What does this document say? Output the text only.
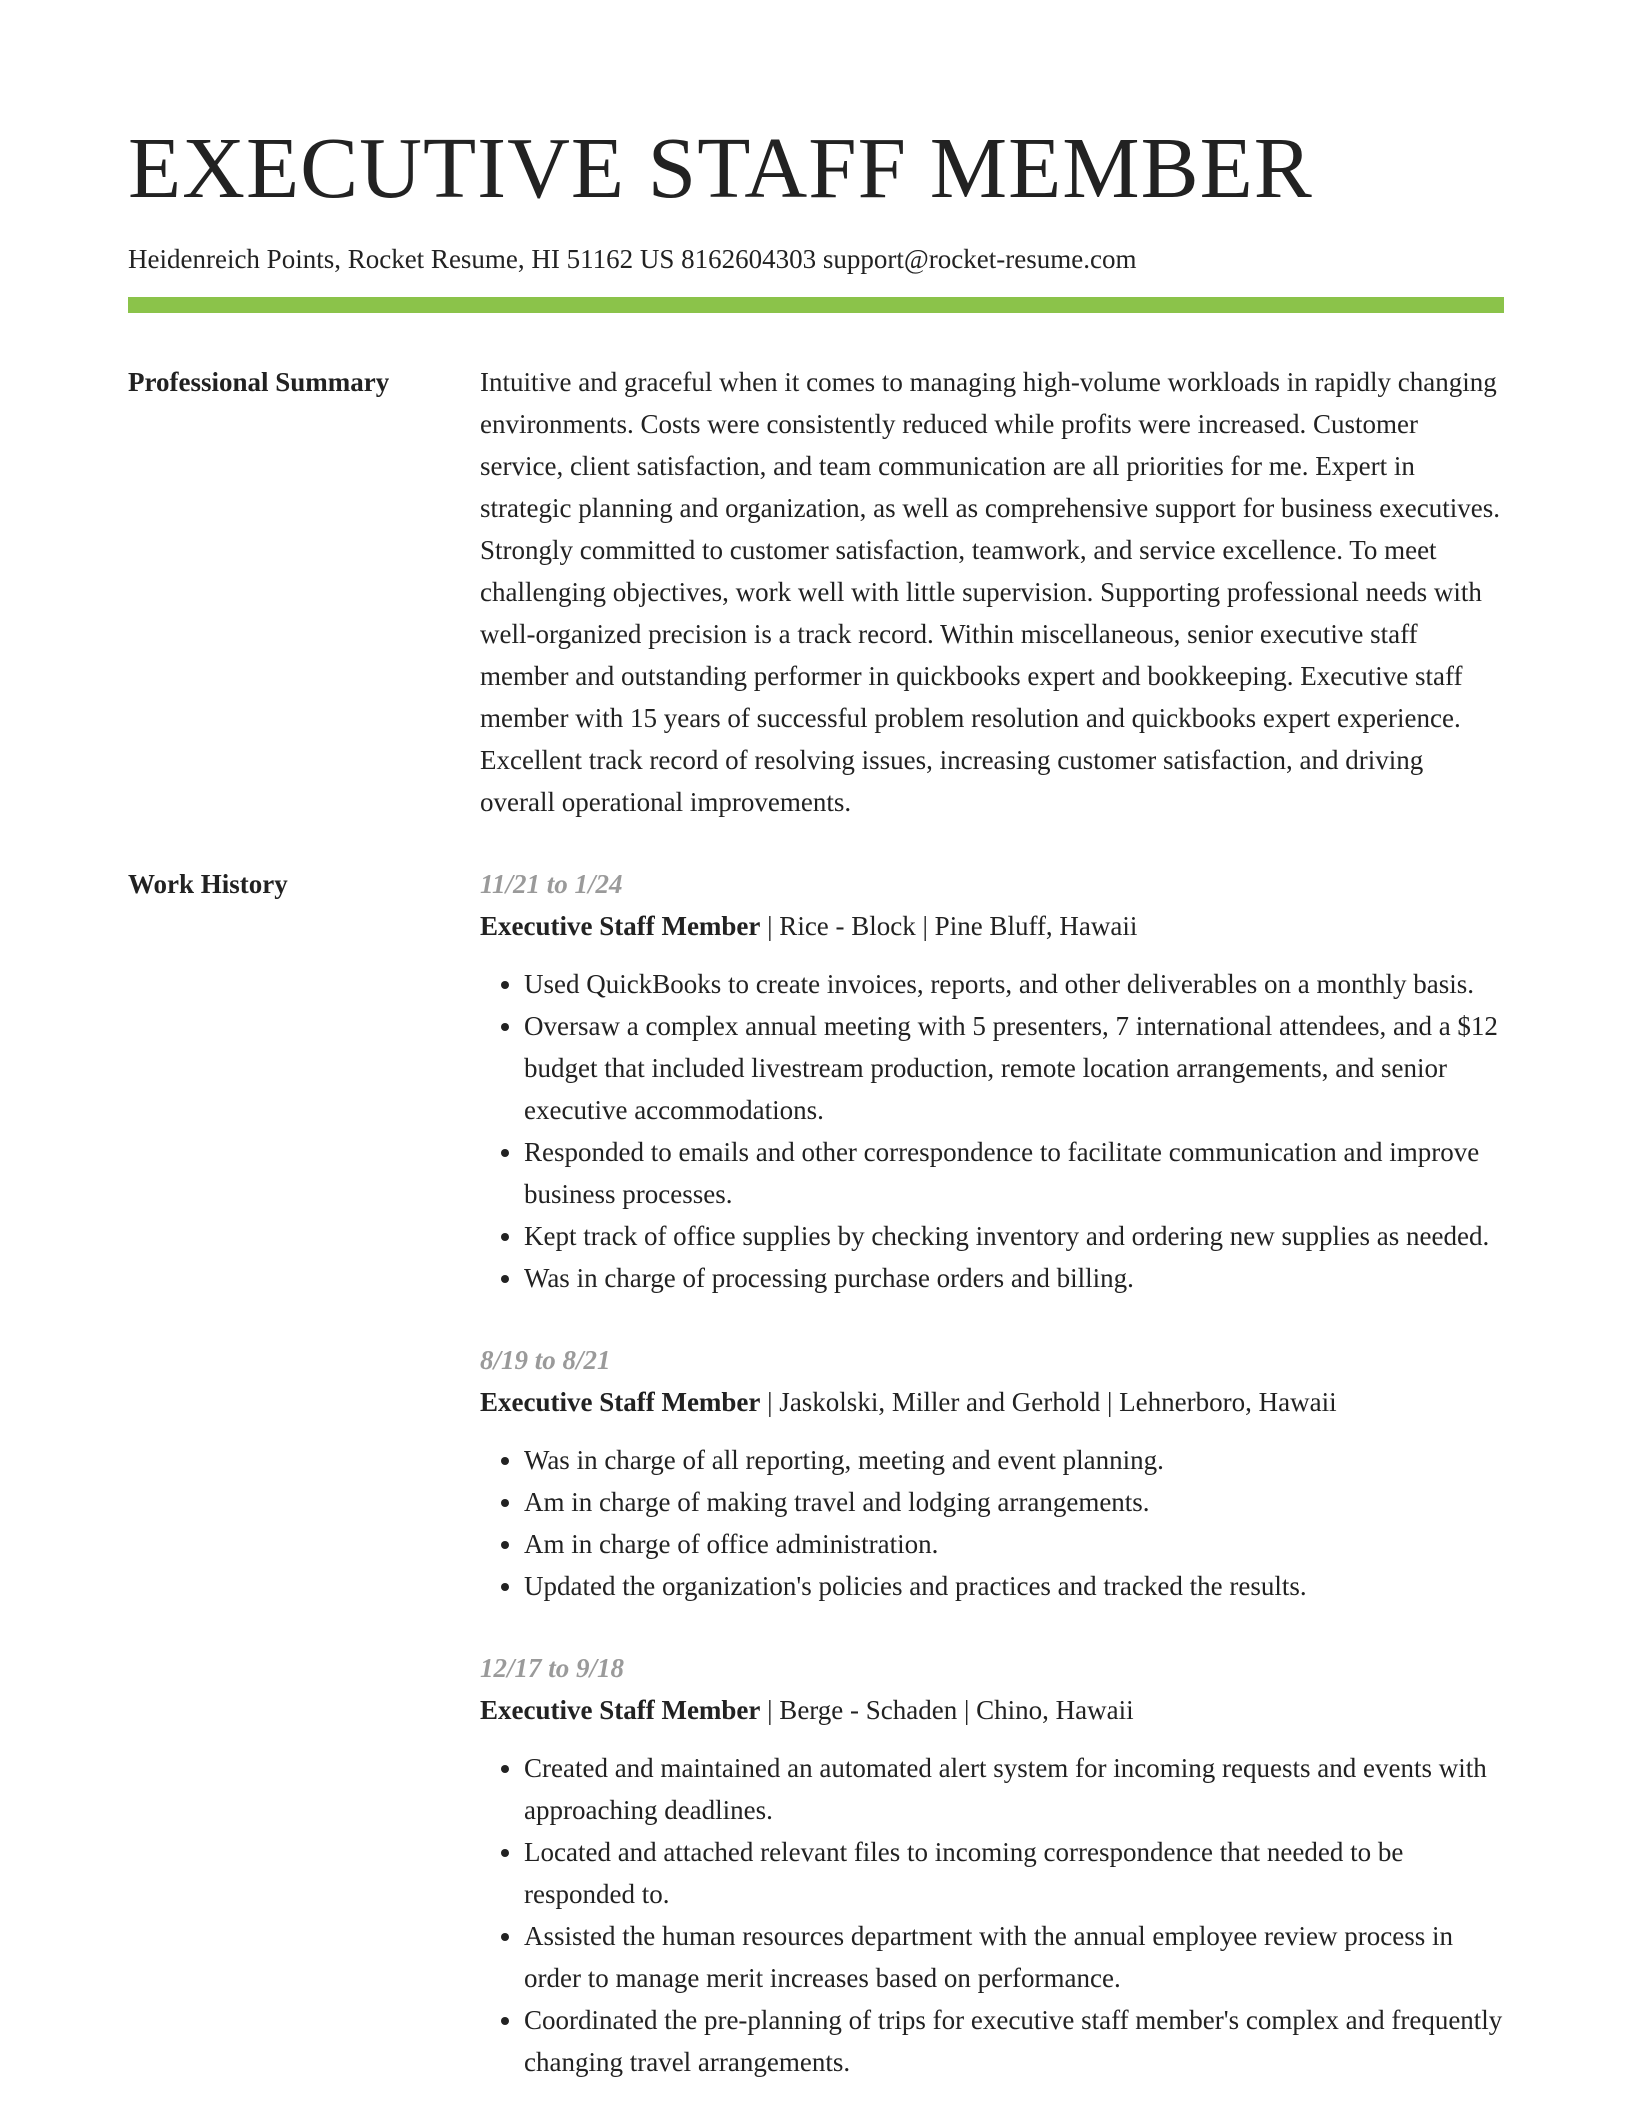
EXECUTIVE STAFF MEMBER
Heidenreich Points, Rocket Resume, HI 51162 US 8162604303 support@rocket-resume.com
Professional Summary	Intuitive and graceful when it comes to managing high-volume workloads in rapidly changing environments. Costs were consistently reduced while profits were increased. Customer service, client satisfaction, and team communication are all priorities for me. Expert in strategic planning and organization, as well as comprehensive support for business executives. Strongly committed to customer satisfaction, teamwork, and service excellence. To meet challenging objectives, work well with little supervision. Supporting professional needs with well-organized precision is a track record. Within miscellaneous, senior executive staff member and outstanding performer in quickbooks expert and bookkeeping. Executive staff member with 15 years of successful problem resolution and quickbooks expert experience. Excellent track record of resolving issues, increasing customer satisfaction, and driving overall operational improvements.

Work History	11/21 to 1/24
Executive Staff Member | Rice - Block | Pine Bluff, Hawaii
• Used QuickBooks to create invoices, reports, and other deliverables on a monthly basis.
• Oversaw a complex annual meeting with 5 presenters, 7 international attendees, and a $12 budget that included livestream production, remote location arrangements, and senior executive accommodations.
• Responded to emails and other correspondence to facilitate communication and improve business processes.
• Kept track of office supplies by checking inventory and ordering new supplies as needed.
• Was in charge of processing purchase orders and billing.
8/19 to 8/21
Executive Staff Member | Jaskolski, Miller and Gerhold | Lehnerboro, Hawaii
• Was in charge of all reporting, meeting and event planning.
• Am in charge of making travel and lodging arrangements.
• Am in charge of office administration.
• Updated the organization's policies and practices and tracked the results.
12/17 to 9/18
Executive Staff Member | Berge - Schaden | Chino, Hawaii
• Created and maintained an automated alert system for incoming requests and events with approaching deadlines.
• Located and attached relevant files to incoming correspondence that needed to be responded to.
• Assisted the human resources department with the annual employee review process in order to manage merit increases based on performance.
• Coordinated the pre-planning of trips for executive staff member's complex and frequently changing travel arrangements.
